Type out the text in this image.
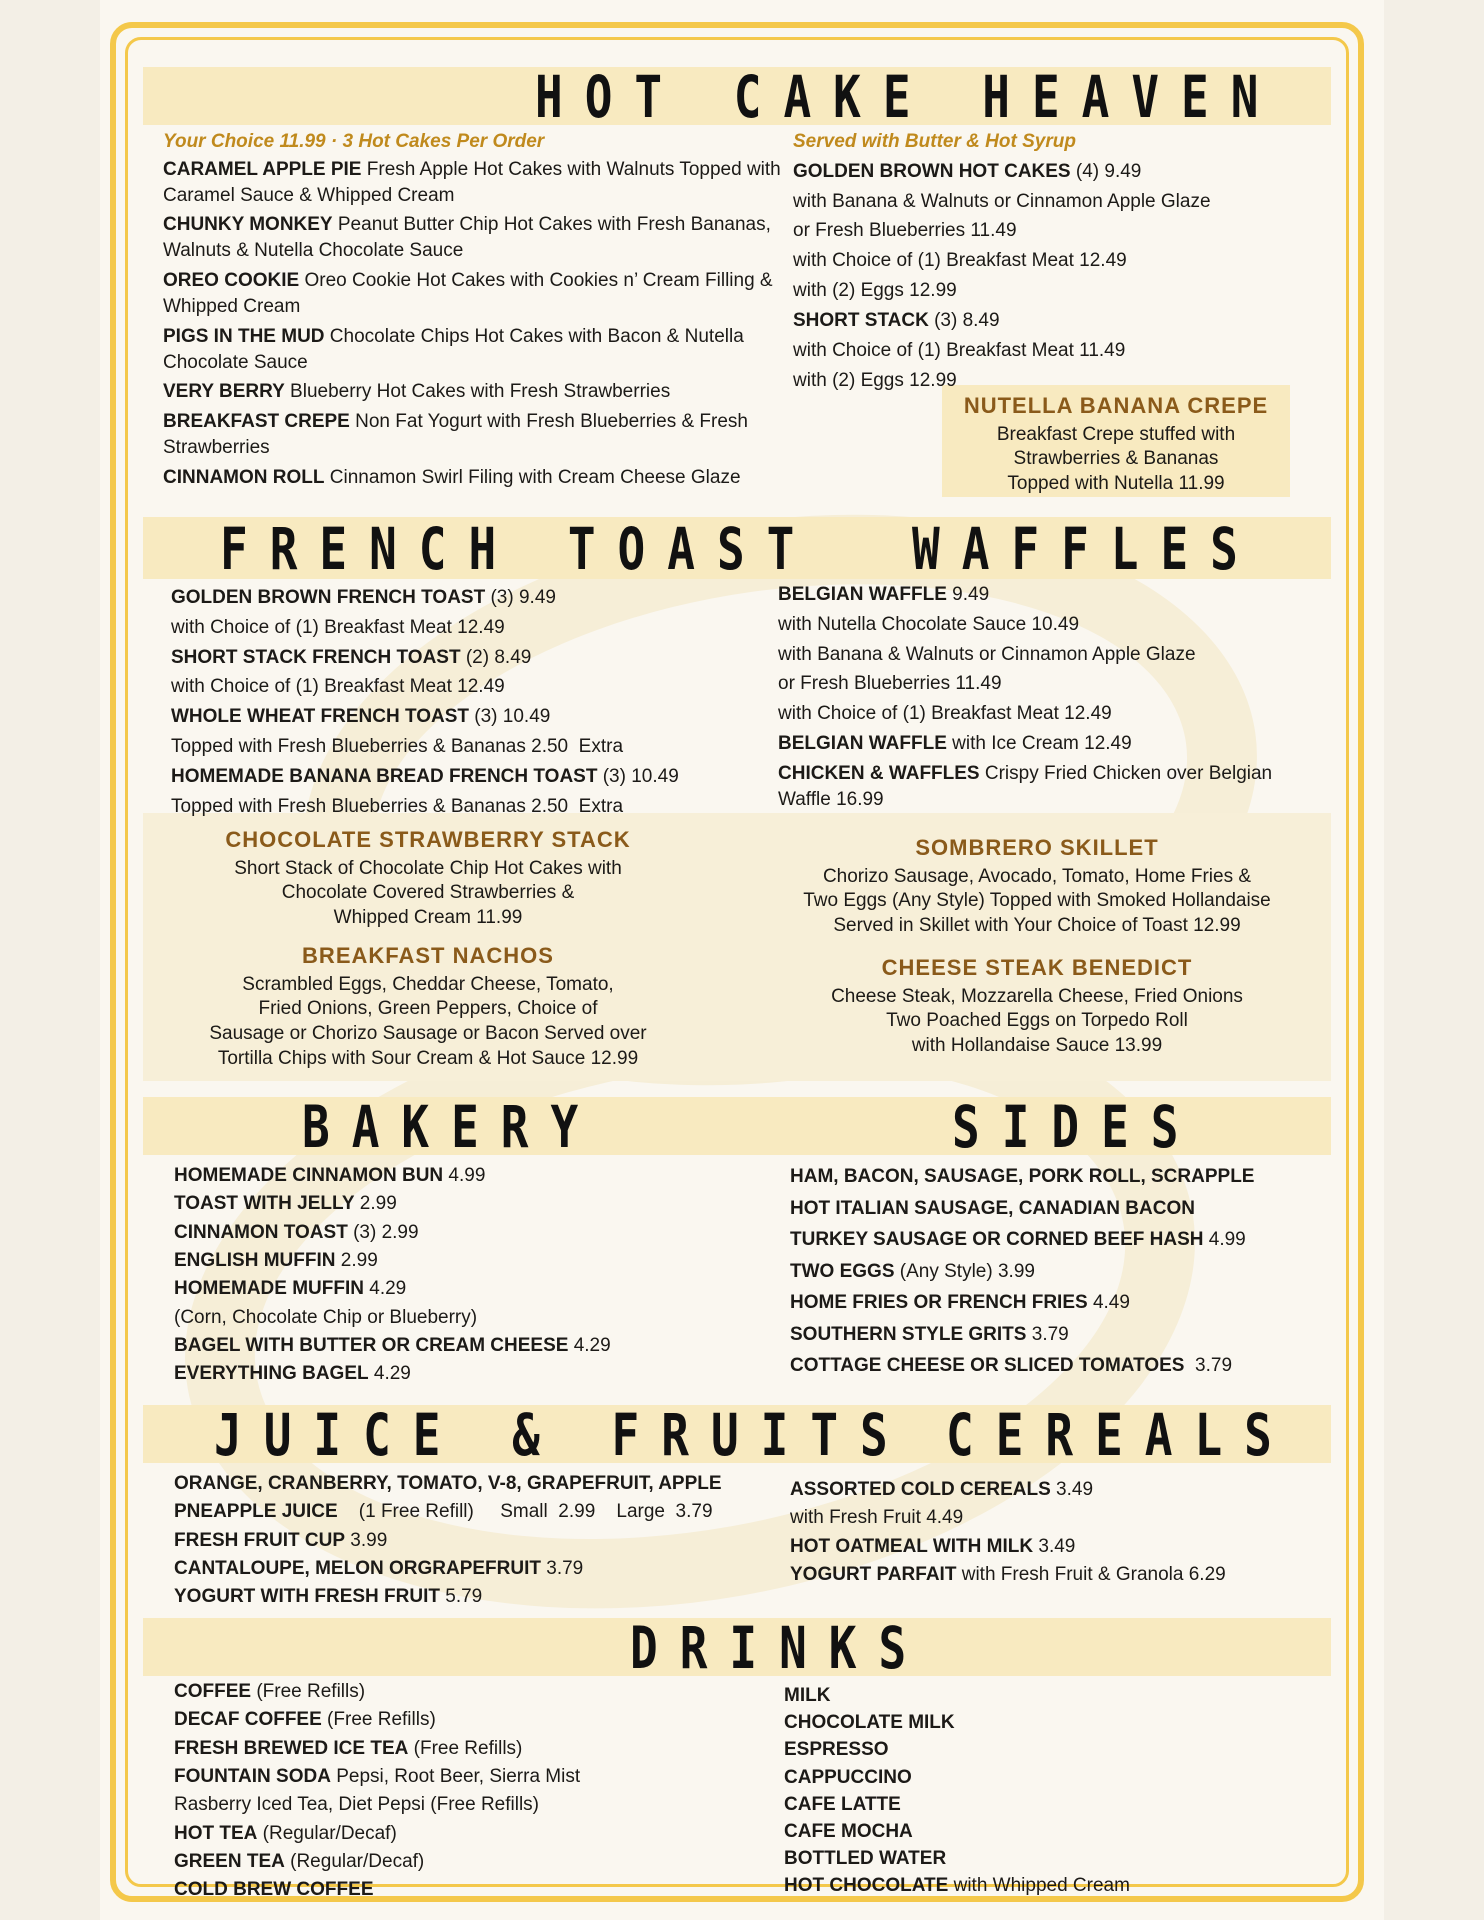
HOT CAKE HEAVEN
FRENCH TOAST WAFFLES
BAKERY	SIDES
JUICE & FRUITS CEREALS
DRINKS
Your Choice 11.99 · 3 Hot Cakes Per Order

CARAMEL APPLE PIE Fresh Apple Hot Cakes with Walnuts Topped with Caramel Sauce & Whipped Cream

CHUNKY MONKEY Peanut Butter Chip Hot Cakes with Fresh Bananas, Walnuts & Nutella Chocolate Sauce

OREO COOKIE Oreo Cookie Hot Cakes with Cookies n’ Cream Filling & Whipped Cream

PIGS IN THE MUD Chocolate Chips Hot Cakes with Bacon & Nutella Chocolate Sauce

VERY BERRY Blueberry Hot Cakes with Fresh Strawberries

BREAKFAST CREPE Non Fat Yogurt with Fresh Blueberries & Fresh Strawberries

CINNAMON ROLL Cinnamon Swirl Filing with Cream Cheese Glaze

Served with Butter & Hot Syrup

GOLDEN BROWN HOT CAKES (4) 9.49

with Banana & Walnuts or Cinnamon Apple Glaze

or Fresh Blueberries 11.49

with Choice of (1) Breakfast Meat 12.49

with (2) Eggs 12.99

SHORT STACK (3) 8.49

with Choice of (1) Breakfast Meat 11.49

with (2) Eggs 12.99

NUTELLA BANANA CREPE
Breakfast Crepe stuffed with
Strawberries & Bananas
Topped with Nutella 11.99

GOLDEN BROWN FRENCH TOAST (3) 9.49

with Choice of (1) Breakfast Meat 12.49

SHORT STACK FRENCH TOAST (2) 8.49

with Choice of (1) Breakfast Meat 12.49

WHOLE WHEAT FRENCH TOAST (3) 10.49

Topped with Fresh Blueberries & Bananas 2.50  Extra

HOMEMADE BANANA BREAD FRENCH TOAST (3) 10.49

Topped with Fresh Blueberries & Bananas 2.50  Extra

BELGIAN WAFFLE 9.49

with Nutella Chocolate Sauce 10.49

with Banana & Walnuts or Cinnamon Apple Glaze

or Fresh Blueberries 11.49

with Choice of (1) Breakfast Meat 12.49

BELGIAN WAFFLE with Ice Cream 12.49

CHICKEN & WAFFLES Crispy Fried Chicken over Belgian Waffle 16.99

CHOCOLATE STRAWBERRY STACK
Short Stack of Chocolate Chip Hot Cakes with
Chocolate Covered Strawberries &
Whipped Cream 11.99
BREAKFAST NACHOS
Scrambled Eggs, Cheddar Cheese, Tomato,
Fried Onions, Green Peppers, Choice of
Sausage or Chorizo Sausage or Bacon Served over
Tortilla Chips with Sour Cream & Hot Sauce 12.99
SOMBRERO SKILLET
Chorizo Sausage, Avocado, Tomato, Home Fries &
Two Eggs (Any Style) Topped with Smoked Hollandaise
Served in Skillet with Your Choice of Toast 12.99
CHEESE STEAK BENEDICT
Cheese Steak, Mozzarella Cheese, Fried Onions
Two Poached Eggs on Torpedo Roll
with Hollandaise Sauce 13.99

HOMEMADE CINNAMON BUN 4.99

TOAST WITH JELLY 2.99

CINNAMON TOAST (3) 2.99

ENGLISH MUFFIN 2.99

HOMEMADE MUFFIN 4.29

(Corn, Chocolate Chip or Blueberry)

BAGEL WITH BUTTER OR CREAM CHEESE 4.29

EVERYTHING BAGEL 4.29

HAM, BACON, SAUSAGE, PORK ROLL, SCRAPPLE

HOT ITALIAN SAUSAGE, CANADIAN BACON

TURKEY SAUSAGE OR CORNED BEEF HASH 4.99

TWO EGGS (Any Style) 3.99

HOME FRIES OR FRENCH FRIES 4.49

SOUTHERN STYLE GRITS 3.79

COTTAGE CHEESE OR SLICED TOMATOES  3.79

ORANGE, CRANBERRY, TOMATO, V-8, GRAPEFRUIT, APPLE

PNEAPPLE JUICE    (1 Free Refill)     Small  2.99    Large  3.79

FRESH FRUIT CUP 3.99

CANTALOUPE, MELON ORGRAPEFRUIT 3.79

YOGURT WITH FRESH FRUIT 5.79

ASSORTED COLD CEREALS 3.49

with Fresh Fruit 4.49

HOT OATMEAL WITH MILK 3.49

YOGURT PARFAIT with Fresh Fruit & Granola 6.29

COFFEE (Free Refills)

DECAF COFFEE (Free Refills)

FRESH BREWED ICE TEA (Free Refills)

FOUNTAIN SODA Pepsi, Root Beer, Sierra Mist

Rasberry Iced Tea, Diet Pepsi (Free Refills)

HOT TEA (Regular/Decaf)

GREEN TEA (Regular/Decaf)

COLD BREW COFFEE

MILK

CHOCOLATE MILK

ESPRESSO

CAPPUCCINO

CAFE LATTE

CAFE MOCHA

BOTTLED WATER

HOT CHOCOLATE with Whipped Cream
